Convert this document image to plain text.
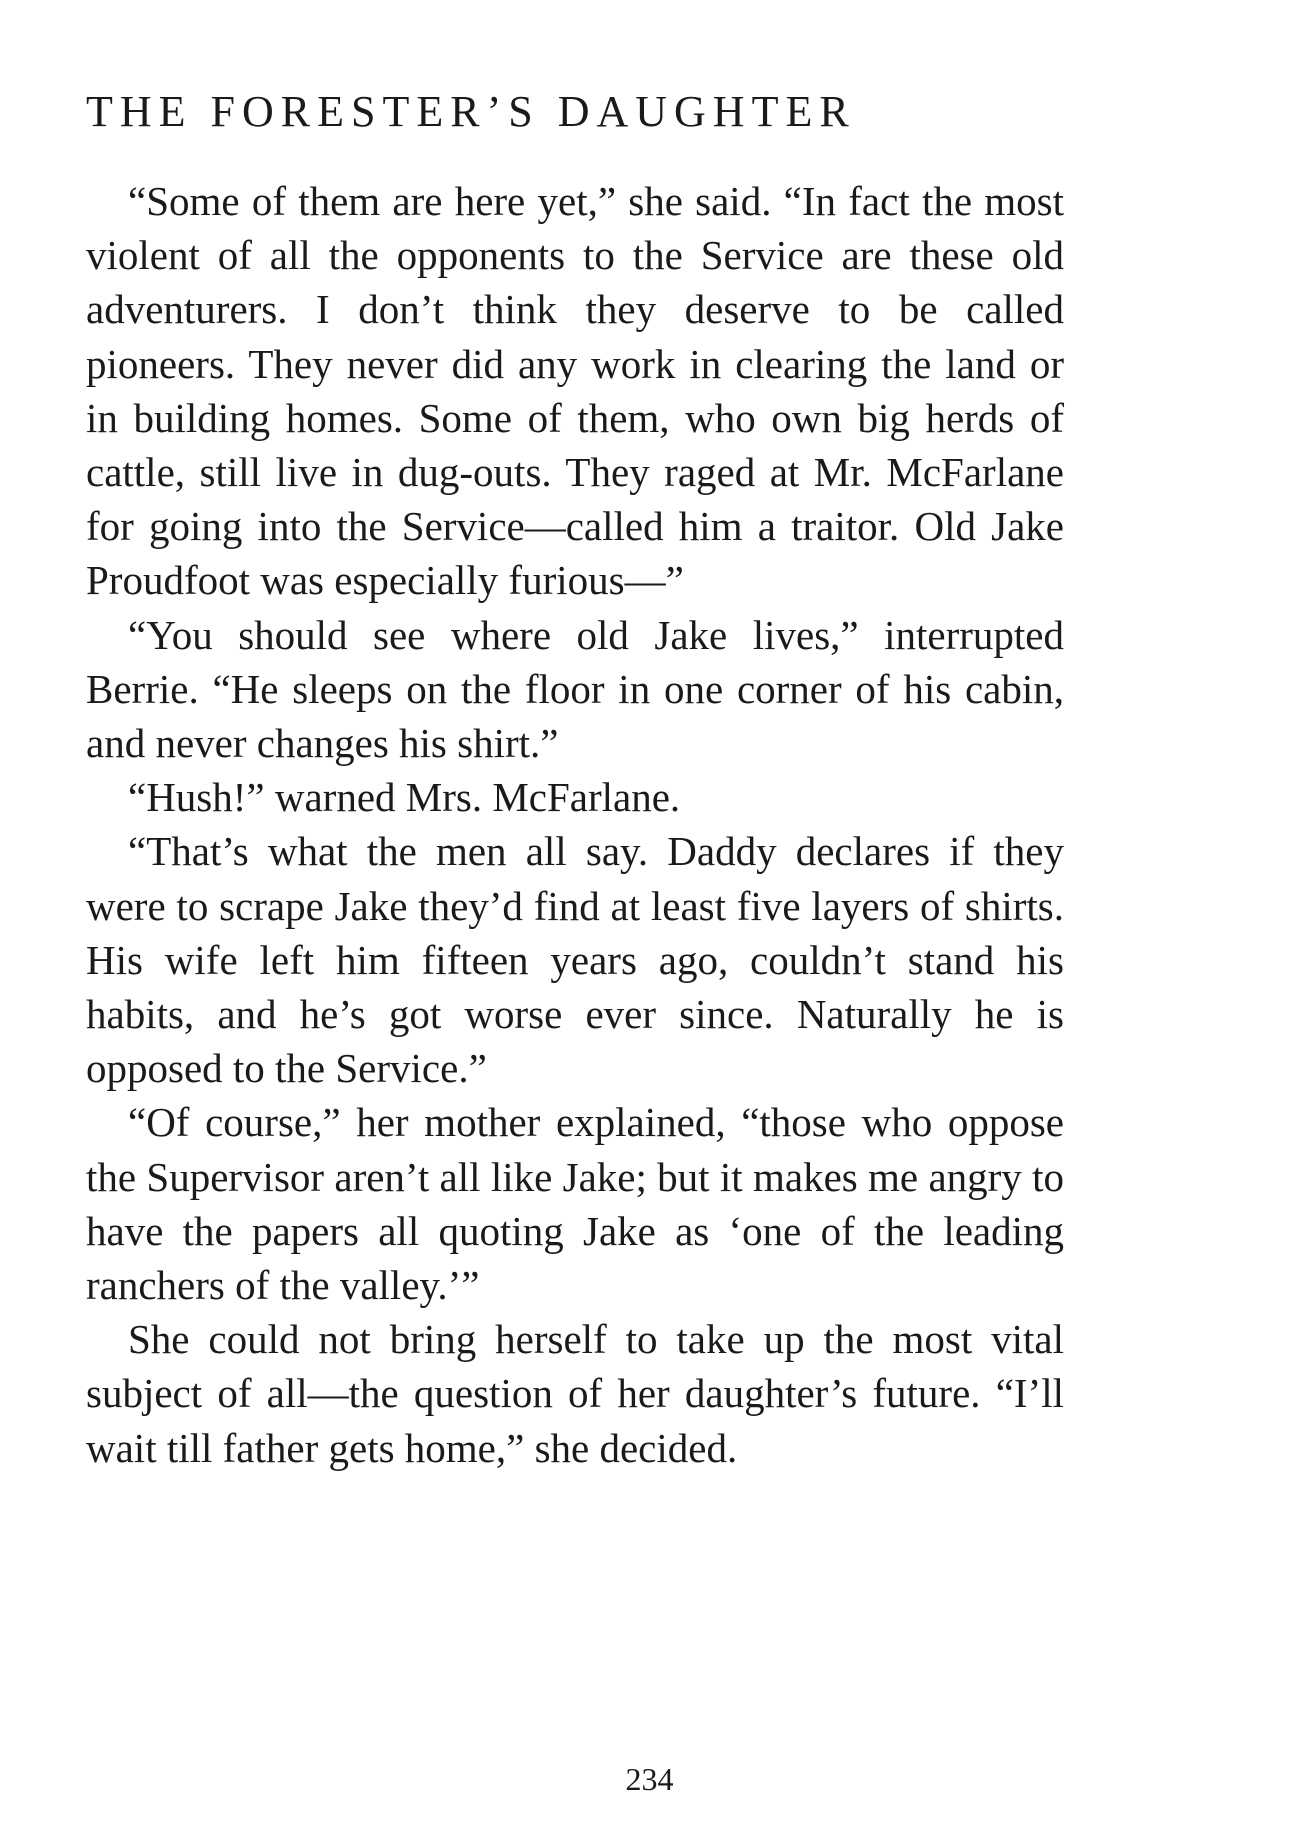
THE FORESTER’S DAUGHTER

“Some of them are here yet,” she said. “In fact the most violent of all the opponents to the Service are these old adventurers. I don’t think they deserve to be called pioneers. They never did any work in clearing the land or in building homes. Some of them, who own big herds of cattle, still live in dug-outs. They raged at Mr. McFarlane for going into the Service—called him a traitor. Old Jake Proudfoot was especially furious—”

“You should see where old Jake lives,” interrupted Berrie. “He sleeps on the floor in one corner of his cabin, and never changes his shirt.”

“Hush!” warned Mrs. McFarlane.

“That’s what the men all say. Daddy declares if they were to scrape Jake they’d find at least five layers of shirts. His wife left him fifteen years ago, couldn’t stand his habits, and he’s got worse ever since. Naturally he is opposed to the Service.”

“Of course,” her mother explained, “those who oppose the Supervisor aren’t all like Jake; but it makes me angry to have the papers all quoting Jake as ‘one of the leading ranchers of the valley.’”

She could not bring herself to take up the most vital subject of all—the question of her daughter’s future. “I’ll wait till father gets home,” she decided.

234
